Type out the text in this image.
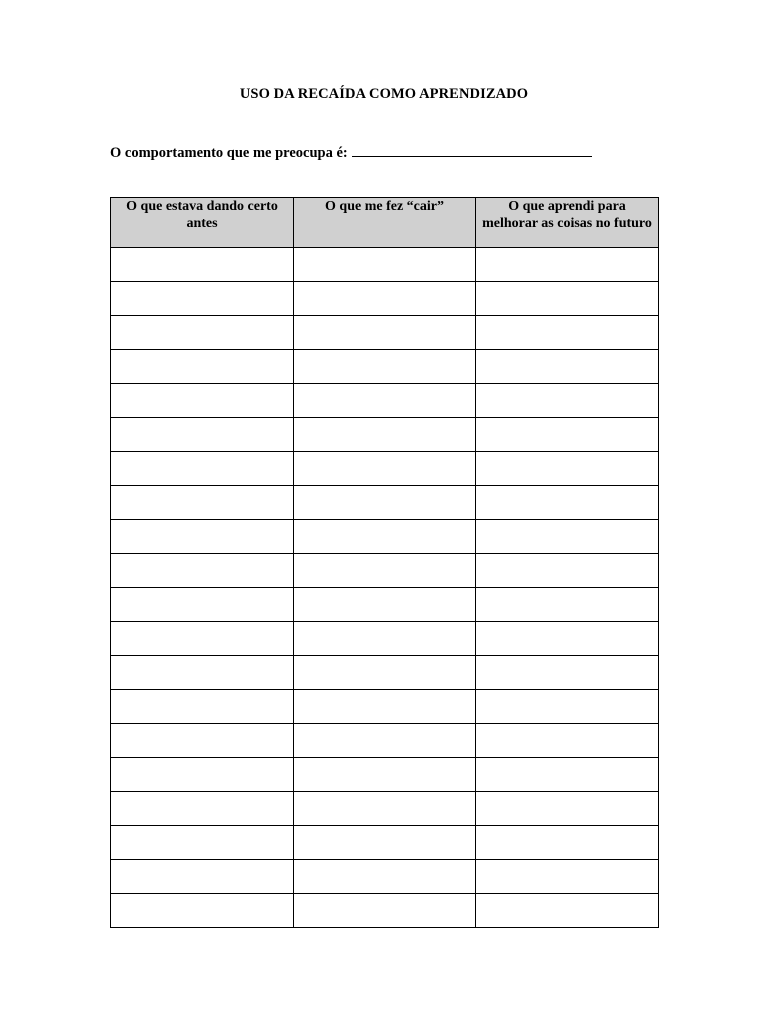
USO DA RECAÍDA COMO APRENDIZADO
O comportamento que me preocupa é:
O que estava dando certo antes	O que me fez “cair”	O que aprendi para melhorar as coisas no futuro
